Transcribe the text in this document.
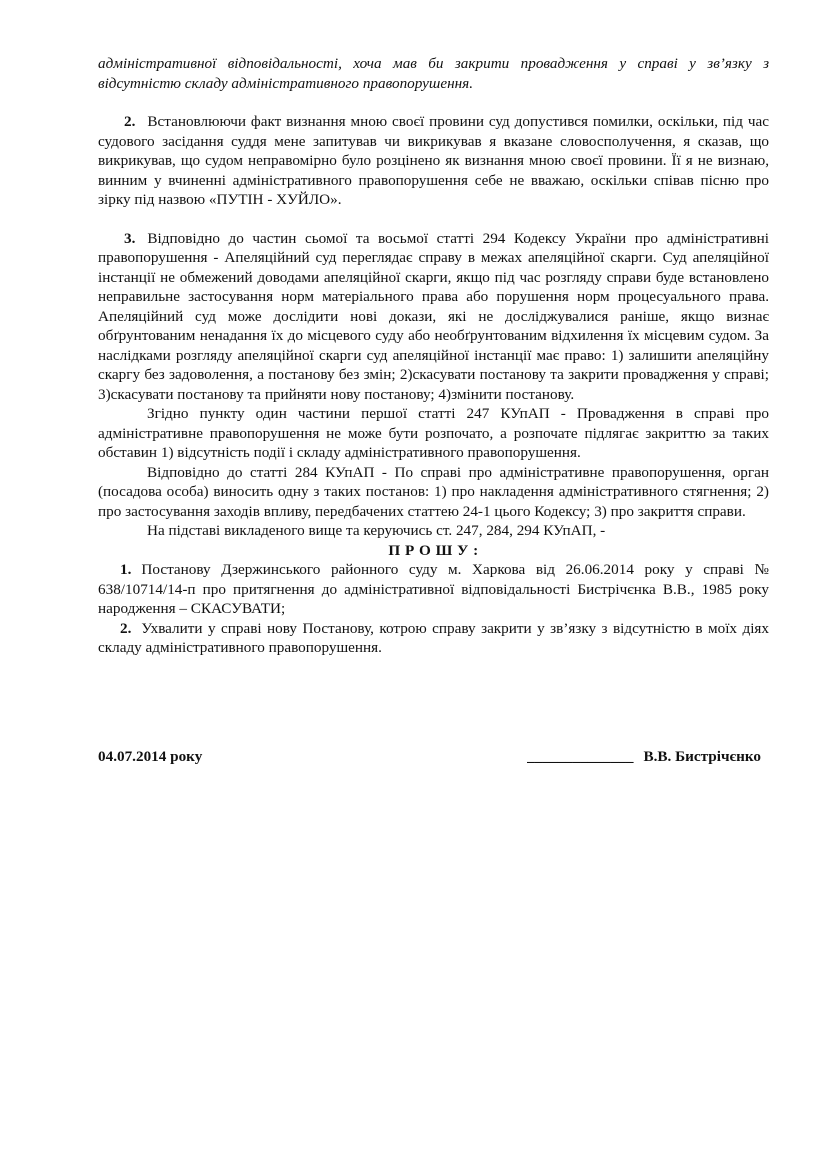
адміністративної відповідальності, хоча мав би закрити провадження у справі у зв’язку з відсутністю складу адміністративного правопорушення.

2. Встановлюючи факт визнання мною своєї провини суд допустився помилки, оскільки, під час судового засідання суддя мене запитував чи викрикував я вказане словосполучення, я сказав, що викрикував, що судом неправомірно було розцінено як визнання мною своєї провини. Її я не визнаю, винним у вчиненні адміністративного правопорушення себе не вважаю, оскільки співав пісню про зірку під назвою «ПУТІН - ХУЙЛО».

3. Відповідно до частин сьомої та восьмої статті 294 Кодексу України про адміністративні правопорушення - Апеляційний суд переглядає справу в межах апеляційної скарги. Суд апеляційної інстанції не обмежений доводами апеляційної скарги, якщо під час розгляду справи буде встановлено неправильне застосування норм матеріального права або порушення норм процесуального права. Апеляційний суд може дослідити нові докази, які не досліджувалися раніше, якщо визнає обґрунтованим ненадання їх до місцевого суду або необґрунтованим відхилення їх місцевим судом. За наслідками розгляду апеляційної скарги суд апеляційної інстанції має право: 1) залишити апеляційну скаргу без задоволення, а постанову без змін; 2)скасувати постанову та закрити провадження у справі; 3)скасувати постанову та прийняти нову постанову; 4)змінити постанову.

Згідно пункту один частини першої статті 247 КУпАП - Провадження в справі про адміністративне правопорушення не може бути розпочато, а розпочате підлягає закриттю за таких обставин 1) відсутність події і складу адміністративного правопорушення.

Відповідно до статті 284 КУпАП - По справі про адміністративне правопорушення, орган (посадова особа) виносить одну з таких постанов: 1) про накладення адміністративного стягнення; 2) про застосування заходів впливу, передбачених статтею 24-1 цього Кодексу; 3) про закриття справи.

На підставі викладеного вище та керуючись ст. 247, 284, 294 КУпАП, -

П Р О Ш У :

1. Постанову Дзержинського районного суду м. Харкова від 26.06.2014 року у справі № 638/10714/14-п про притягнення до адміністративної відповідальності Бистрічєнка В.В., 1985 року народження – СКАСУВАТИ;

2. Ухвалити у справі нову Постанову, котрою справу закрити у зв’язку з відсутністю в моїх діях складу адміністративного правопорушення.

04.07.2014 року	______________ В.В. Бистрічєнко
